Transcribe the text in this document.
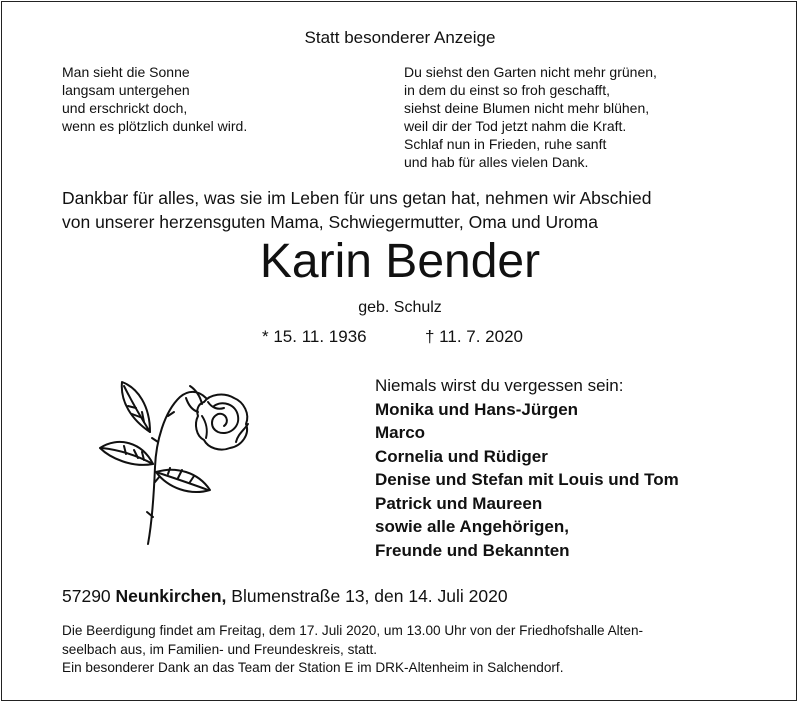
Statt besonderer Anzeige
Man sieht die Sonne
langsam untergehen
und erschrickt doch,
wenn es plötzlich dunkel wird.
Du siehst den Garten nicht mehr grünen,
in dem du einst so froh geschafft,
siehst deine Blumen nicht mehr blühen,
weil dir der Tod jetzt nahm die Kraft.
Schlaf nun in Frieden, ruhe sanft
und hab für alles vielen Dank.
Dankbar für alles, was sie im Leben für uns getan hat, nehmen wir Abschied
von unserer herzensguten Mama, Schwiegermutter, Oma und Uroma
Karin Bender
geb. Schulz
* 15. 11. 1936	† 11. 7. 2020
Niemals wirst du vergessen sein:
Monika und Hans-Jürgen
Marco
Cornelia und Rüdiger
Denise und Stefan mit Louis und Tom
Patrick und Maureen
sowie alle Angehörigen,
Freunde und Bekannten
57290 Neunkirchen, Blumenstraße 13, den 14. Juli 2020
Die Beerdigung findet am Freitag, dem 17. Juli 2020, um 13.00 Uhr von der Friedhofshalle Alten-
seelbach aus, im Familien- und Freundeskreis, statt.
Ein besonderer Dank an das Team der Station E im DRK-Altenheim in Salchendorf.
